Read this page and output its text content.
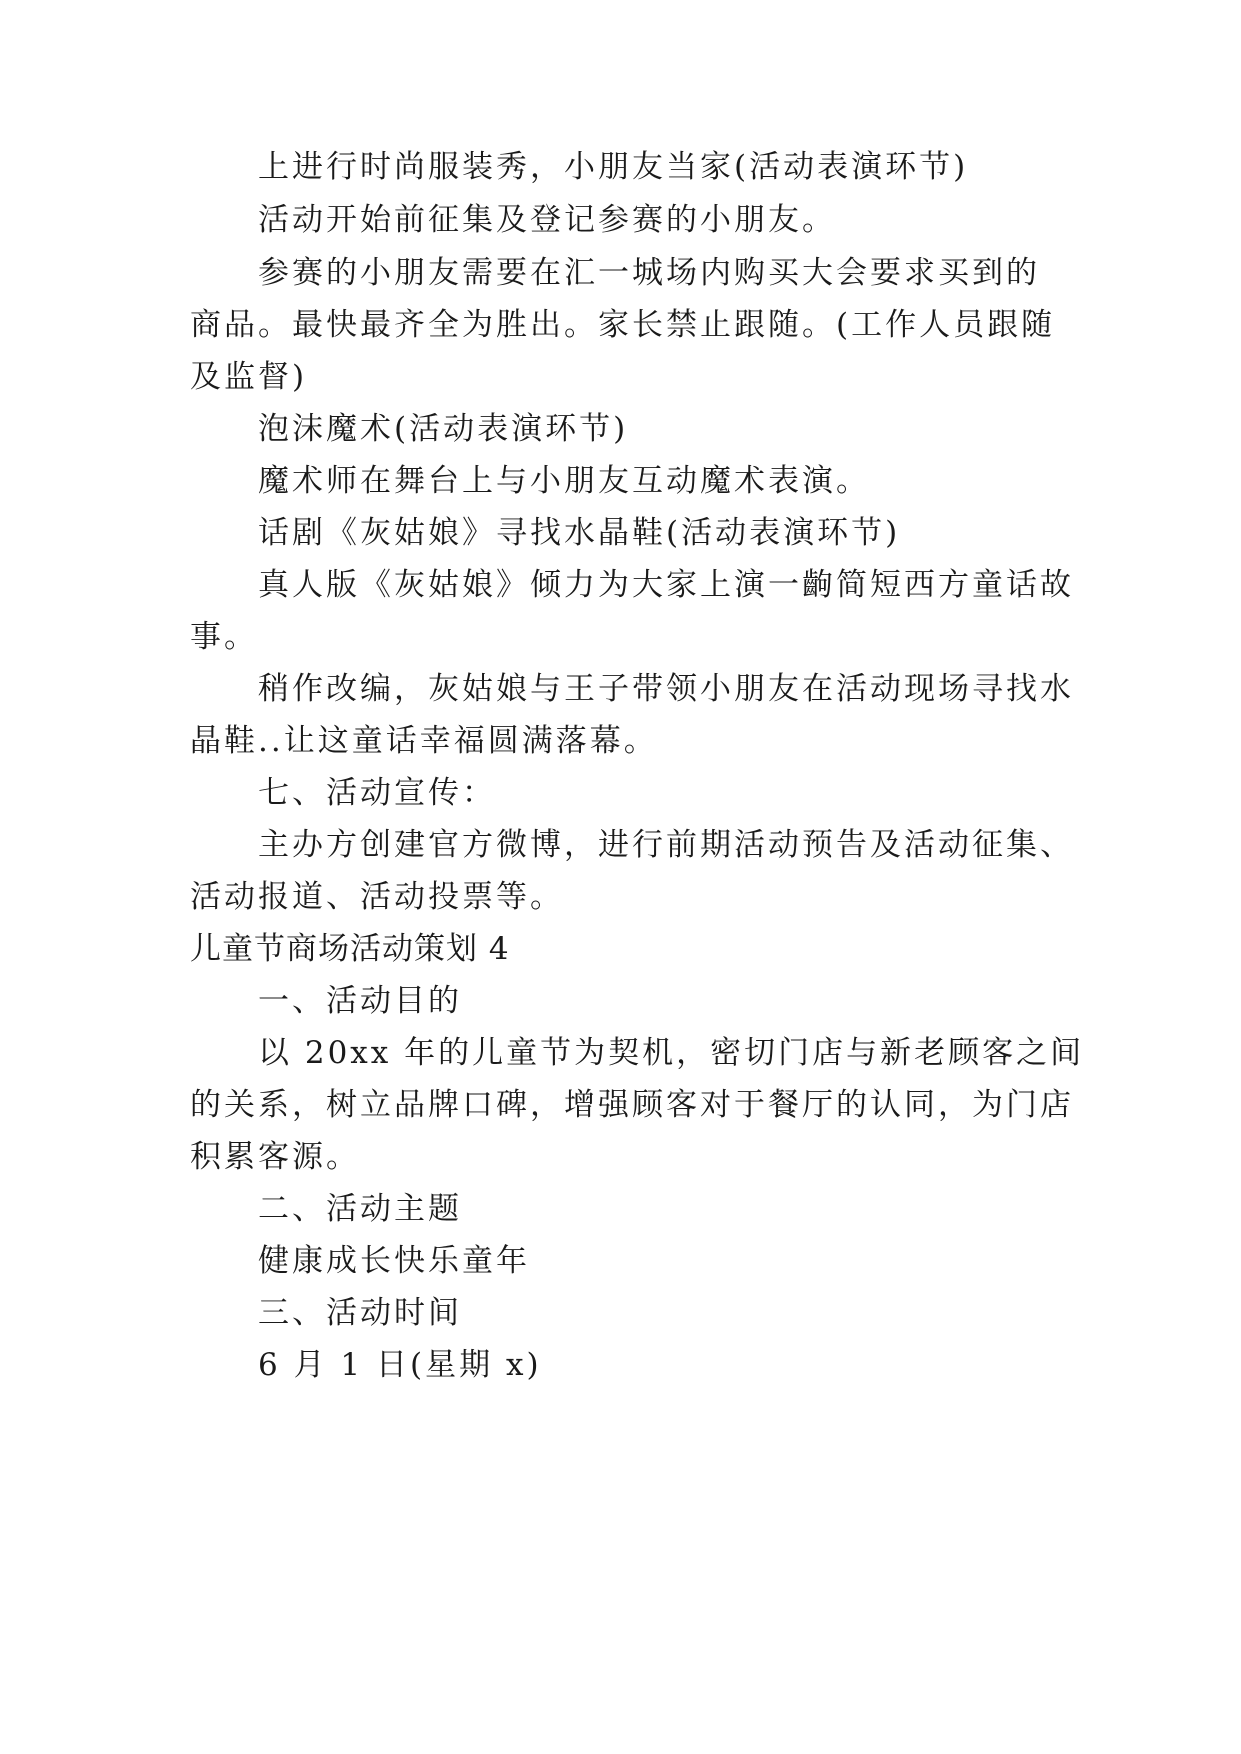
上进行时尚服装秀，小朋友当家(活动表演环节)
活动开始前征集及登记参赛的小朋友。
参赛的小朋友需要在汇一城场内购买大会要求买到的
商品。最快最齐全为胜出。家长禁止跟随。(工作人员跟随
及监督)
泡沫魔术(活动表演环节)
魔术师在舞台上与小朋友互动魔术表演。
话剧《灰姑娘》寻找水晶鞋(活动表演环节)
真人版《灰姑娘》倾力为大家上演一齣简短西方童话故
事。
稍作改编，灰姑娘与王子带领小朋友在活动现场寻找水
晶鞋..让这童话幸福圆满落幕。
七、活动宣传：
主办方创建官方微博，进行前期活动预告及活动征集、
活动报道、活动投票等。
儿童节商场活动策划 4
一、活动目的
以 20xx 年的儿童节为契机，密切门店与新老顾客之间
的关系，树立品牌口碑，增强顾客对于餐厅的认同，为门店
积累客源。
二、活动主题
健康成长快乐童年
三、活动时间
6 月 1 日(星期 x)
